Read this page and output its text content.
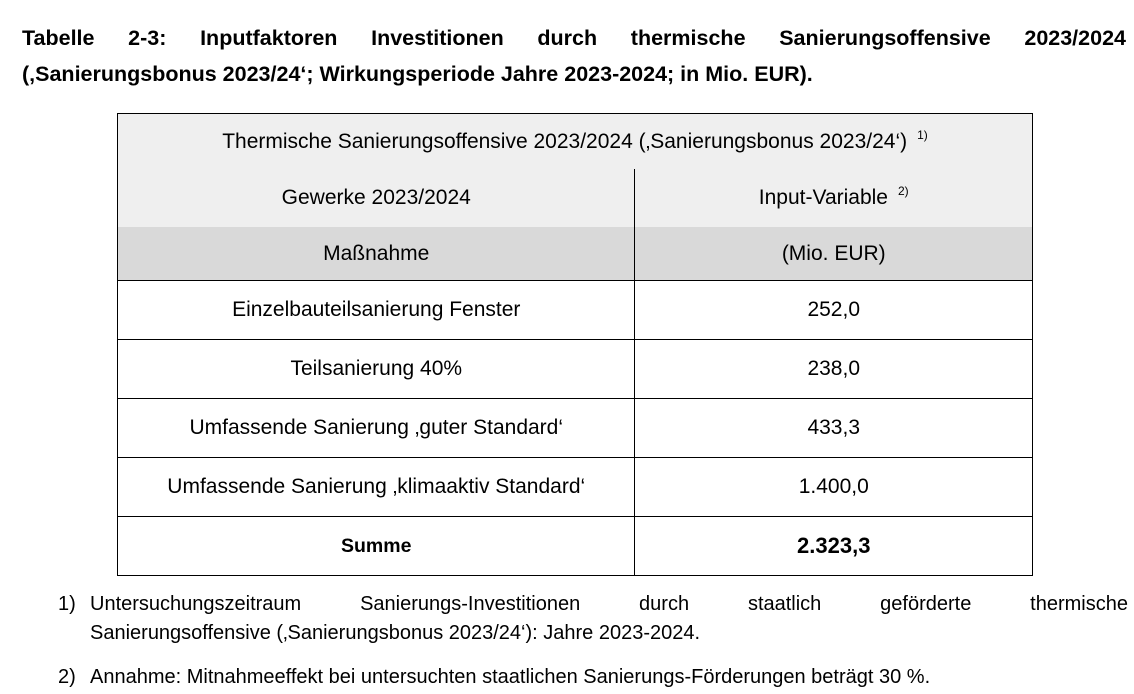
Tabelle 2-3: Inputfaktoren Investitionen durch thermische Sanierungsoffensive 2023/2024
(‚Sanierungsbonus 2023/24‘; Wirkungsperiode Jahre 2023-2024; in Mio. EUR).
Thermische Sanierungsoffensive 2023/2024 (‚Sanierungsbonus 2023/24‘) $^{1)}$
Gewerke 2023/2024	Input-Variable $^{2)}$
Maßnahme	(Mio. EUR)
Einzelbauteilsanierung Fenster	252,0
Teilsanierung 40%	238,0
Umfassende Sanierung ‚guter Standard‘	433,3
Umfassende Sanierung ‚klimaaktiv Standard‘	1.400,0
Summe	2.323,3
1) Untersuchungszeitraum Sanierungs-Investitionen durch staatlich geförderte thermische
Sanierungsoffensive (‚Sanierungsbonus 2023/24‘): Jahre 2023-2024.
2) Annahme: Mitnahmeeffekt bei untersuchten staatlichen Sanierungs-Förderungen beträgt 30 %.
